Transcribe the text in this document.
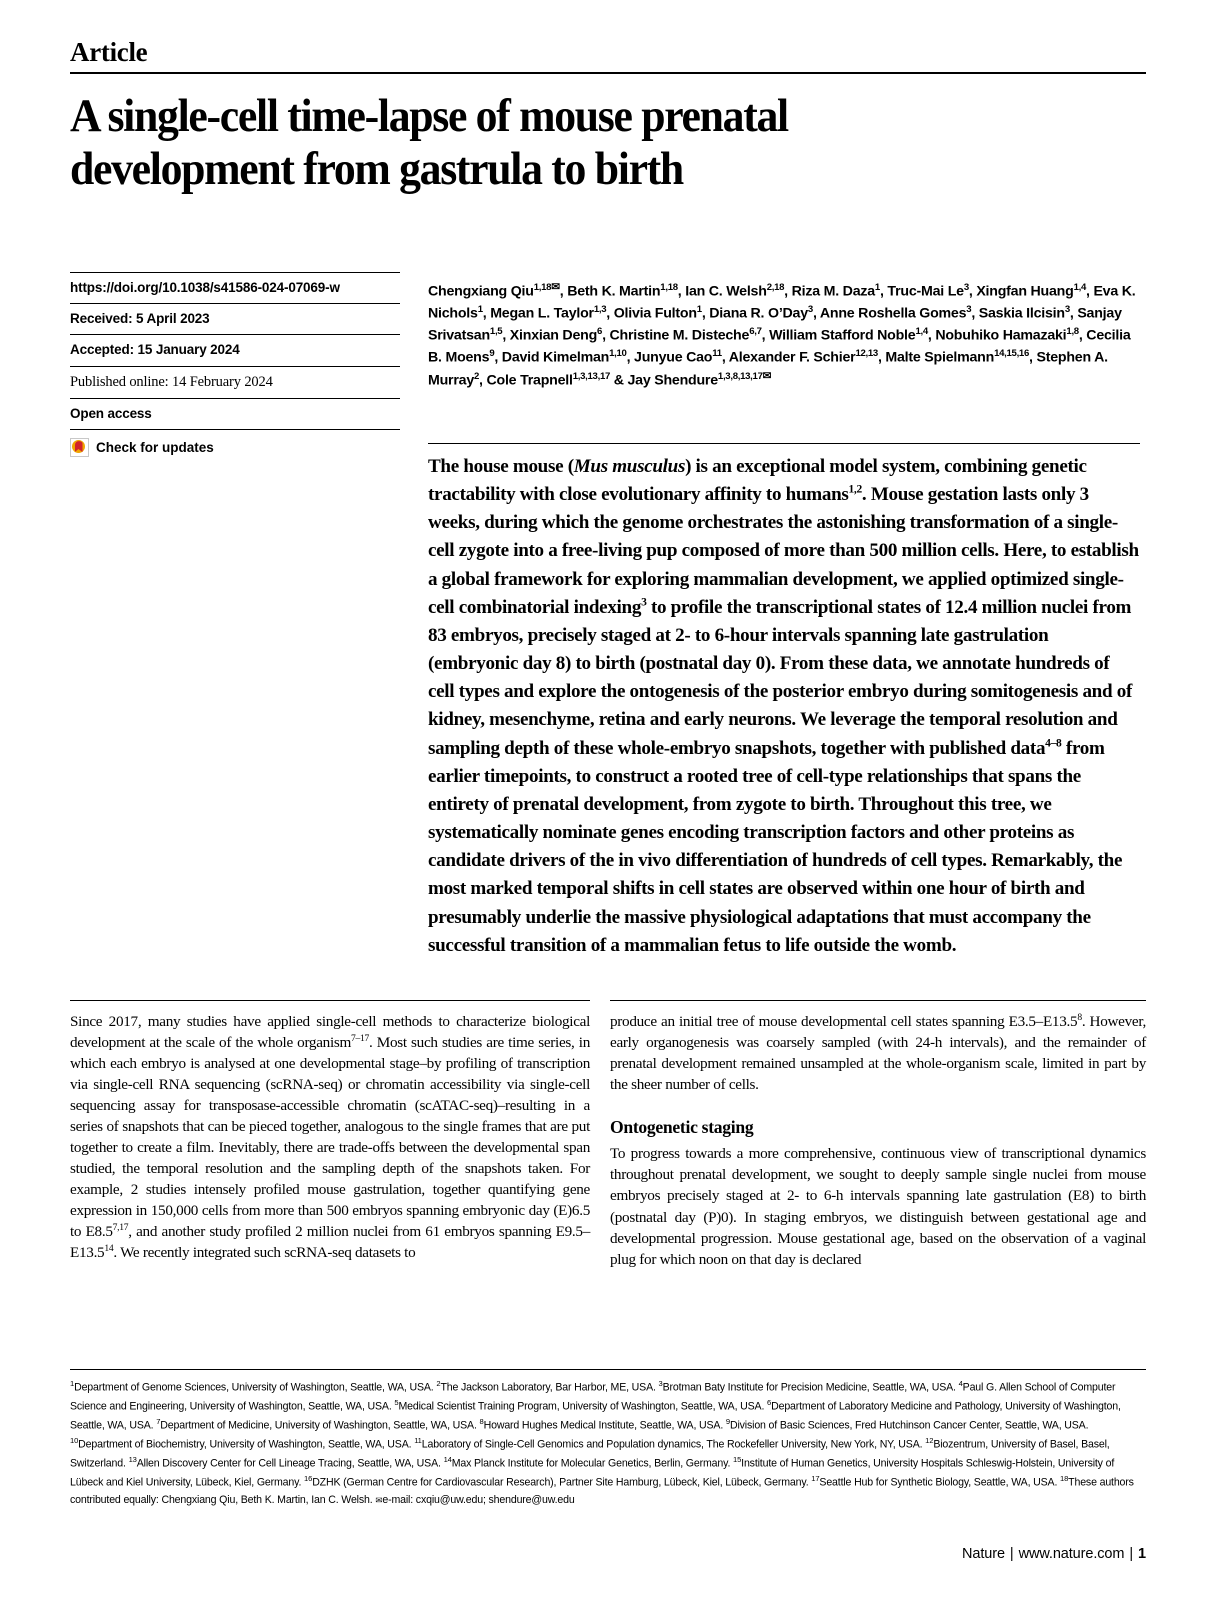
Article
A single-cell time-lapse of mouse prenatal
development from gastrula to birth
https://doi.org/10.1038/s41586-024-07069-w
Received: 5 April 2023
Accepted: 15 January 2024
Published online: 14 February 2024
Open access
Check for updates
Chengxiang Qiu$^{1,18✉}$, Beth K. Martin$^{1,18}$, Ian C. Welsh$^{2,18}$, Riza M. Daza$^1$, Truc-Mai Le$^3$, Xingfan Huang$^{1,4}$, Eva K. Nichols$^1$, Megan L. Taylor$^{1,3}$, Olivia Fulton$^1$, Diana R. O’Day$^3$, Anne Roshella Gomes$^3$, Saskia Ilcisin$^3$, Sanjay Srivatsan$^{1,5}$, Xinxian Deng$^6$, Christine M. Disteche$^{6,7}$, William Stafford Noble$^{1,4}$, Nobuhiko Hamazaki$^{1,8}$, Cecilia B. Moens$^9$, David Kimelman$^{1,10}$, Junyue Cao$^{11}$, Alexander F. Schier$^{12,13}$, Malte Spielmann$^{14,15,16}$, Stephen A. Murray$^2$, Cole Trapnell$^{1,3,13,17}$ & Jay Shendure$^{1,3,8,13,17✉}$
The house mouse (Mus musculus) is an exceptional model system, combining genetic tractability with close evolutionary affinity to humans$^{1,2}$. Mouse gestation lasts only 3 weeks, during which the genome orchestrates the astonishing transformation of a single-cell zygote into a free-living pup composed of more than 500 million cells. Here, to establish a global framework for exploring mammalian development, we applied optimized single-cell combinatorial indexing$^3$ to profile the transcriptional states of 12.4 million nuclei from 83 embryos, precisely staged at 2- to 6-hour intervals spanning late gastrulation (embryonic day 8) to birth (postnatal day 0). From these data, we annotate hundreds of cell types and explore the ontogenesis of the posterior embryo during somitogenesis and of kidney, mesenchyme, retina and early neurons. We leverage the temporal resolution and sampling depth of these whole-embryo snapshots, together with published data$^{4-8}$ from earlier timepoints, to construct a rooted tree of cell-type relationships that spans the entirety of prenatal development, from zygote to birth. Throughout this tree, we systematically nominate genes encoding transcription factors and other proteins as candidate drivers of the in vivo differentiation of hundreds of cell types. Remarkably, the most marked temporal shifts in cell states are observed within one hour of birth and presumably underlie the massive physiological adaptations that must accompany the successful transition of a mammalian fetus to life outside the womb.

Since 2017, many studies have applied single-cell methods to characterize biological development at the scale of the whole organism$^{7-17}$. Most such studies are time series, in which each embryo is analysed at one developmental stage–by profiling of transcription via single-cell RNA sequencing (scRNA-seq) or chromatin accessibility via single-cell sequencing assay for transposase-accessible chromatin (scATAC-seq)–resulting in a series of snapshots that can be pieced together, analogous to the single frames that are put together to create a film. Inevitably, there are trade-offs between the developmental span studied, the temporal resolution and the sampling depth of the snapshots taken. For example, 2 studies intensely profiled mouse gastrulation, together quantifying gene expression in 150,000 cells from more than 500 embryos spanning embryonic day (E)6.5 to E8.5$^{7,17}$, and another study profiled 2 million nuclei from 61 embryos spanning E9.5–E13.5$^{14}$. We recently integrated such scRNA-seq datasets to

produce an initial tree of mouse developmental cell states spanning E3.5–E13.5$^8$. However, early organogenesis was coarsely sampled (with 24-h intervals), and the remainder of prenatal development remained unsampled at the whole-organism scale, limited in part by the sheer number of cells.

Ontogenetic staging

To progress towards a more comprehensive, continuous view of transcriptional dynamics throughout prenatal development, we sought to deeply sample single nuclei from mouse embryos precisely staged at 2- to 6-h intervals spanning late gastrulation (E8) to birth (postnatal day (P)0). In staging embryos, we distinguish between gestational age and developmental progression. Mouse gestational age, based on the observation of a vaginal plug for which noon on that day is declared

$^1$Department of Genome Sciences, University of Washington, Seattle, WA, USA. $^2$The Jackson Laboratory, Bar Harbor, ME, USA. $^3$Brotman Baty Institute for Precision Medicine, Seattle, WA, USA. $^4$Paul G. Allen School of Computer Science and Engineering, University of Washington, Seattle, WA, USA. $^5$Medical Scientist Training Program, University of Washington, Seattle, WA, USA. $^6$Department of Laboratory Medicine and Pathology, University of Washington, Seattle, WA, USA. $^7$Department of Medicine, University of Washington, Seattle, WA, USA. $^8$Howard Hughes Medical Institute, Seattle, WA, USA. $^9$Division of Basic Sciences, Fred Hutchinson Cancer Center, Seattle, WA, USA. $^{10}$Department of Biochemistry, University of Washington, Seattle, WA, USA. $^{11}$Laboratory of Single-Cell Genomics and Population dynamics, The Rockefeller University, New York, NY, USA. $^{12}$Biozentrum, University of Basel, Basel, Switzerland. $^{13}$Allen Discovery Center for Cell Lineage Tracing, Seattle, WA, USA. $^{14}$Max Planck Institute for Molecular Genetics, Berlin, Germany. $^{15}$Institute of Human Genetics, University Hospitals Schleswig-Holstein, University of Lübeck and Kiel University, Lübeck, Kiel, Germany. $^{16}$DZHK (German Centre for Cardiovascular Research), Partner Site Hamburg, Lübeck, Kiel, Lübeck, Germany. $^{17}$Seattle Hub for Synthetic Biology, Seattle, WA, USA. $^{18}$These authors contributed equally: Chengxiang Qiu, Beth K. Martin, Ian C. Welsh. ✉e-mail: cxqiu@uw.edu; shendure@uw.edu
Nature | www.nature.com | 1
